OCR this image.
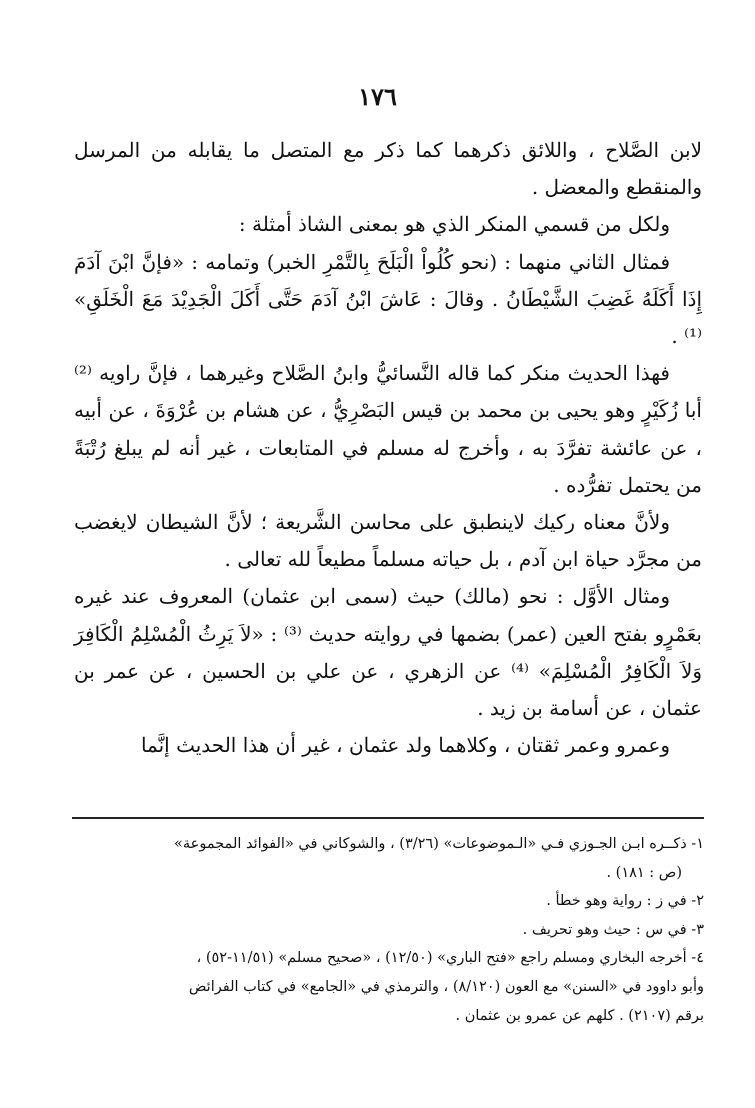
١٧٦

لابن الصَّلاح ، واللائق ذكرهما كما ذكر مع المتصل ما يقابله من المرسل والمنقطع والمعضل .

ولكل من قسمي المنكر الذي هو بمعنى الشاذ أمثلة :

فمثال الثاني منهما : (نحو كُلُواْ الْبَلَحَ بِالتَّمْرِ الخبر) وتمامه : «فإنَّ ابْنَ آدَمَ إِذَا أَكَلَهُ غَضِبَ الشَّيْطَانُ . وقالَ : عَاشَ ابْنُ آدَمَ حَتَّى أَكَلَ الْجَدِيْدَ مَعَ الْخَلَقِ» ⁽¹⁾ .

فهذا الحديث منكر كما قاله النَّسائيُّ وابنُ الصَّلاح وغيرهما ، فإنَّ راويه ⁽²⁾ أبا زُكَيْرٍ وهو يحيى بن محمد بن قيس البَصْرِيُّ ، عن هشام بن عُرْوَةَ ، عن أبيه ، عن عائشة تفرَّدَ به ، وأخرج له مسلم في المتابعات ، غير أنه لم يبلغ رُتْبَةً من يحتمل تفرُّده .

ولأنَّ معناه ركيك لاينطبق على محاسن الشَّريعة ؛ لأنَّ الشيطان لايغضب من مجرَّد حياة ابن آدم ، بل حياته مسلماً مطيعاً لله تعالى .

ومثال الأوَّل : نحو (مالك) حيث (سمى ابن عثمان) المعروف عند غيره بعَمْرٍو بفتح العين (عمر) بضمها في روايته حديث ⁽³⁾ : «لاَ يَرِثُ الْمُسْلِمُ الْكَافِرَ وَلاَ الْكَافِرُ الْمُسْلِمَ» ⁽⁴⁾ عن الزهري ، عن علي بن الحسين ، عن عمر بن عثمان ، عن أسامة بن زيد .

وعمرو وعمر ثقتان ، وكلاهما ولد عثمان ، غير أن هذا الحديث إنَّما

١- ذكــره ابـن الجـوزي فـي «الـموضوعات» (٣/٢٦) ، والشوكاني في «الفوائد المجموعة»

(ص : ١٨١) .

٢- في ز : رواية وهو خطأ .

٣- في س : حيث وهو تحريف .

٤- أخرجه البخاري ومسلم راجع «فتح الباري» (١٢/٥٠) ، «صحيح مسلم» (١١/٥١-٥٢) ،

وأبو داوود في «السنن» مع العون (٨/١٢٠) ، والترمذي في «الجامع» في كتاب الفرائض

برقم (٢١٠٧) . كلهم عن عمرو بن عثمان .
